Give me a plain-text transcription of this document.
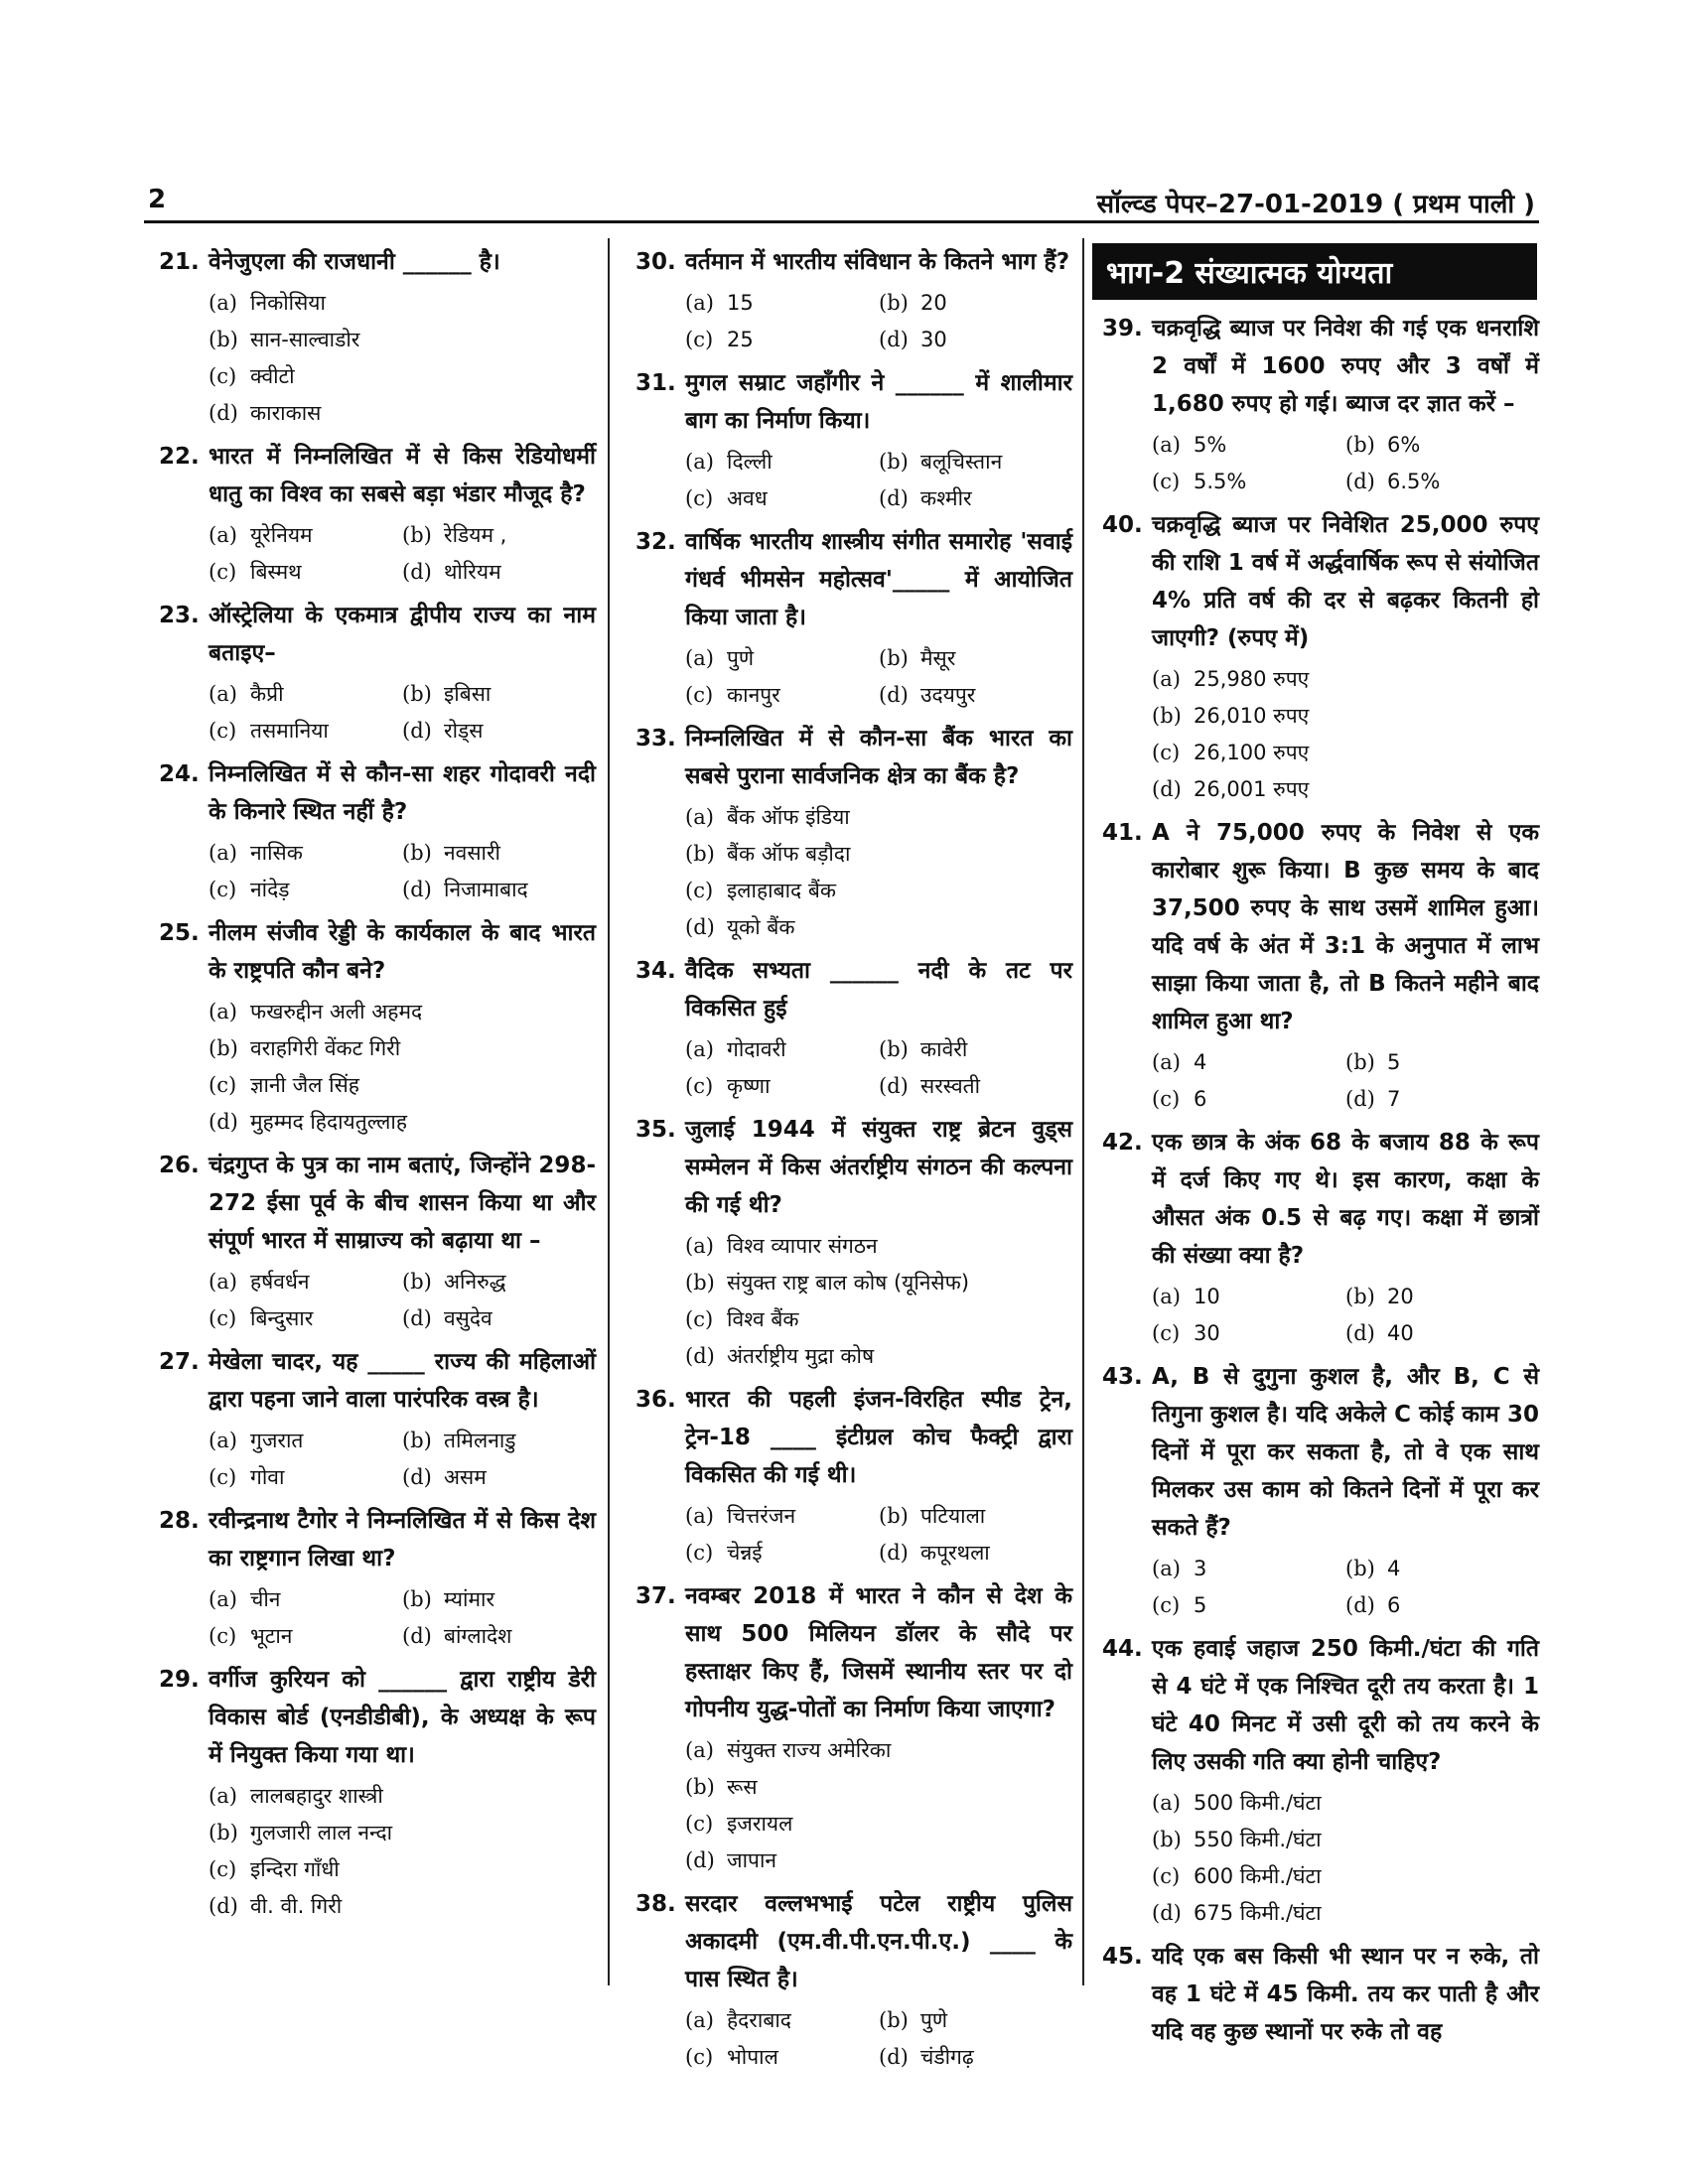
2	सॉल्व्ड पेपर–27-01-2019 ( प्रथम पाली )
21. वेनेजुएला की राजधानी ______ है।
(a) निकोसिया
(b) सान-साल्वाडोर
(c) क्वीटो
(d) काराकास
22. भारत में निम्नलिखित में से किस रेडियोधर्मी धातु का विश्व का सबसे बड़ा भंडार मौजूद है?
(a) यूरेनियम	(b) रेडियम ,
(c) बिस्मथ	(d) थोरियम
23. ऑस्ट्रेलिया के एकमात्र द्वीपीय राज्य का नाम बताइए–
(a) कैप्री	(b) इबिसा
(c) तसमानिया	(d) रोड्स
24. निम्नलिखित में से कौन-सा शहर गोदावरी नदी के किनारे स्थित नहीं है?
(a) नासिक	(b) नवसारी
(c) नांदेड़	(d) निजामाबाद
25. नीलम संजीव रेड्डी के कार्यकाल के बाद भारत के राष्ट्रपति कौन बने?
(a) फखरुद्दीन अली अहमद
(b) वराहगिरी वेंकट गिरी
(c) ज्ञानी जैल सिंह
(d) मुहम्मद हिदायतुल्लाह
26. चंद्रगुप्त के पुत्र का नाम बताएं, जिन्होंने 298-272 ईसा पूर्व के बीच शासन किया था और संपूर्ण भारत में साम्राज्य को बढ़ाया था –
(a) हर्षवर्धन	(b) अनिरुद्ध
(c) बिन्दुसार	(d) वसुदेव
27. मेखेला चादर, यह _____ राज्य की महिलाओं द्वारा पहना जाने वाला पारंपरिक वस्त्र है।
(a) गुजरात	(b) तमिलनाडु
(c) गोवा	(d) असम
28. रवीन्द्रनाथ टैगोर ने निम्नलिखित में से किस देश का राष्ट्रगान लिखा था?
(a) चीन	(b) म्यांमार
(c) भूटान	(d) बांग्लादेश
29. वर्गीज कुरियन को ______ द्वारा राष्ट्रीय डेरी विकास बोर्ड (एनडीडीबी), के अध्यक्ष के रूप में नियुक्त किया गया था।
(a) लालबहादुर शास्त्री
(b) गुलजारी लाल नन्दा
(c) इन्दिरा गाँधी
(d) वी. वी. गिरी
30. वर्तमान में भारतीय संविधान के कितने भाग हैं?
(a) 15	(b) 20
(c) 25	(d) 30
31. मुगल सम्राट जहाँगीर ने ______ में शालीमार बाग का निर्माण किया।
(a) दिल्ली	(b) बलूचिस्तान
(c) अवध	(d) कश्मीर
32. वार्षिक भारतीय शास्त्रीय संगीत समारोह 'सवाई गंधर्व भीमसेन महोत्सव'_____ में आयोजित किया जाता है।
(a) पुणे	(b) मैसूर
(c) कानपुर	(d) उदयपुर
33. निम्नलिखित में से कौन-सा बैंक भारत का सबसे पुराना सार्वजनिक क्षेत्र का बैंक है?
(a) बैंक ऑफ इंडिया
(b) बैंक ऑफ बड़ौदा
(c) इलाहाबाद बैंक
(d) यूको बैंक
34. वैदिक सभ्यता ______ नदी के तट पर विकसित हुई
(a) गोदावरी	(b) कावेरी
(c) कृष्णा	(d) सरस्वती
35. जुलाई 1944 में संयुक्त राष्ट्र ब्रेटन वुड्स सम्मेलन में किस अंतर्राष्ट्रीय संगठन की कल्पना की गई थी?
(a) विश्व व्यापार संगठन
(b) संयुक्त राष्ट्र बाल कोष (यूनिसेफ)
(c) विश्व बैंक
(d) अंतर्राष्ट्रीय मुद्रा कोष
36. भारत की पहली इंजन-विरहित स्पीड ट्रेन, ट्रेन-18 ____ इंटीग्रल कोच फैक्ट्री द्वारा विकसित की गई थी।
(a) चित्तरंजन	(b) पटियाला
(c) चेन्नई	(d) कपूरथला
37. नवम्बर 2018 में भारत ने कौन से देश के साथ 500 मिलियन डॉलर के सौदे पर हस्ताक्षर किए हैं, जिसमें स्थानीय स्तर पर दो गोपनीय युद्ध-पोतों का निर्माण किया जाएगा?
(a) संयुक्त राज्य अमेरिका
(b) रूस
(c) इजरायल
(d) जापान
38. सरदार वल्लभभाई पटेल राष्ट्रीय पुलिस अकादमी (एम.वी.पी.एन.पी.ए.) ____ के पास स्थित है।
(a) हैदराबाद	(b) पुणे
(c) भोपाल	(d) चंडीगढ़
भाग-2 संख्यात्मक योग्यता
39. चक्रवृद्धि ब्याज पर निवेश की गई एक धनराशि 2 वर्षों में 1600 रुपए और 3 वर्षों में 1,680 रुपए हो गई। ब्याज दर ज्ञात करें –
(a) 5%	(b) 6%
(c) 5.5%	(d) 6.5%
40. चक्रवृद्धि ब्याज पर निवेशित 25,000 रुपए की राशि 1 वर्ष में अर्द्धवार्षिक रूप से संयोजित 4% प्रति वर्ष की दर से बढ़कर कितनी हो जाएगी? (रुपए में)
(a) 25,980 रुपए
(b) 26,010 रुपए
(c) 26,100 रुपए
(d) 26,001 रुपए
41. A ने 75,000 रुपए के निवेश से एक कारोबार शुरू किया। B कुछ समय के बाद 37,500 रुपए के साथ उसमें शामिल हुआ। यदि वर्ष के अंत में 3:1 के अनुपात में लाभ साझा किया जाता है, तो B कितने महीने बाद शामिल हुआ था?
(a) 4	(b) 5
(c) 6	(d) 7
42. एक छात्र के अंक 68 के बजाय 88 के रूप में दर्ज किए गए थे। इस कारण, कक्षा के औसत अंक 0.5 से बढ़ गए। कक्षा में छात्रों की संख्या क्या है?
(a) 10	(b) 20
(c) 30	(d) 40
43. A, B से दुगुना कुशल है, और B, C से तिगुना कुशल है। यदि अकेले C कोई काम 30 दिनों में पूरा कर सकता है, तो वे एक साथ मिलकर उस काम को कितने दिनों में पूरा कर सकते हैं?
(a) 3	(b) 4
(c) 5	(d) 6
44. एक हवाई जहाज 250 किमी./घंटा की गति से 4 घंटे में एक निश्चित दूरी तय करता है। 1 घंटे 40 मिनट में उसी दूरी को तय करने के लिए उसकी गति क्या होनी चाहिए?
(a) 500 किमी./घंटा
(b) 550 किमी./घंटा
(c) 600 किमी./घंटा
(d) 675 किमी./घंटा
45. यदि एक बस किसी भी स्थान पर न रुके, तो वह 1 घंटे में 45 किमी. तय कर पाती है और यदि वह कुछ स्थानों पर रुके तो वह
